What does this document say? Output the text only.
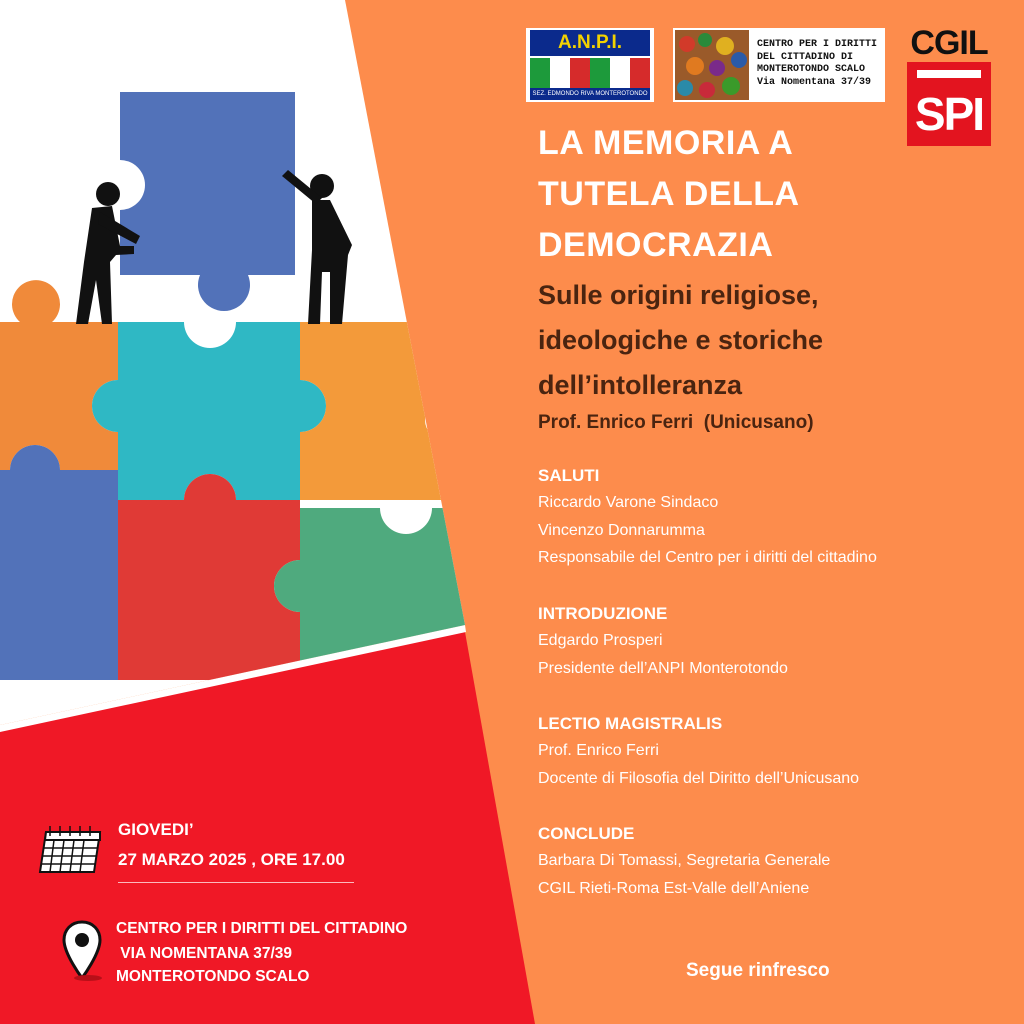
A.N.P.I.
SEZ. EDMONDO RIVA MONTEROTONDO
CENTRO PER I DIRITTI
DEL CITTADINO DI
MONTEROTONDO SCALO
Via Nomentana 37/39
CGIL
SPI
LA MEMORIA A
TUTELA DELLA
DEMOCRAZIA
Sulle origini religiose,
ideologiche e storiche
dell’intolleranza
Prof. Enrico Ferri  (Unicusano)
SALUTI
Riccardo Varone Sindaco
Vincenzo Donnarumma
Responsabile del Centro per i diritti del cittadino
INTRODUZIONE
Edgardo Prosperi
Presidente dell’ANPI Monterotondo
LECTIO MAGISTRALIS
Prof. Enrico Ferri
Docente di Filosofia del Diritto dell’Unicusano
CONCLUDE
Barbara Di Tomassi, Segretaria Generale
CGIL Rieti-Roma Est-Valle dell’Aniene
Segue rinfresco
GIOVEDI’
27 MARZO 2025 , ORE 17.00
CENTRO PER I DIRITTI DEL CITTADINO
VIA NOMENTANA 37/39
MONTEROTONDO SCALO
